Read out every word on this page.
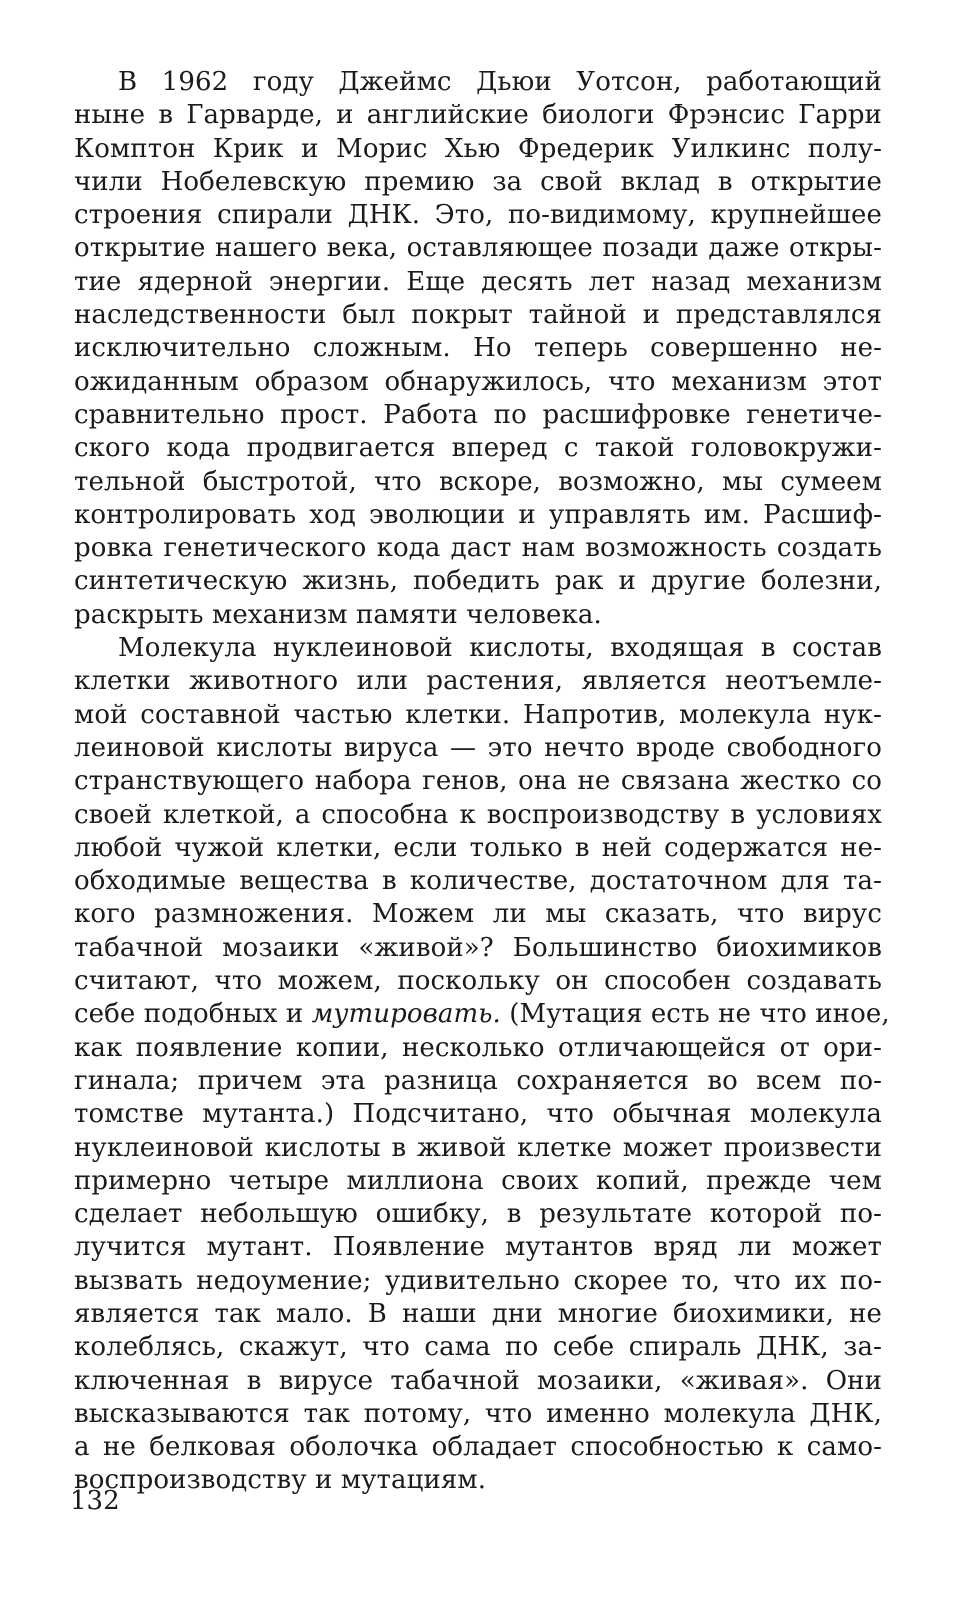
В 1962 году Джеймс Дьюи Уотсон, работающий
ныне в Гарварде, и английские биологи Фрэнсис Гарри
Комптон Крик и Морис Хью Фредерик Уилкинс полу-
чили Нобелевскую премию за свой вклад в открытие
строения спирали ДНК. Это, по-видимому, крупнейшее
открытие нашего века, оставляющее позади даже откры-
тие ядерной энергии. Еще десять лет назад механизм
наследственности был покрыт тайной и представлялся
исключительно сложным. Но теперь совершенно не-
ожиданным образом обнаружилось, что механизм этот
сравнительно прост. Работа по расшифровке генетиче-
ского кода продвигается вперед с такой головокружи-
тельной быстротой, что вскоре, возможно, мы сумеем
контролировать ход эволюции и управлять им. Расшиф-
ровка генетического кода даст нам возможность создать
синтетическую жизнь, победить рак и другие болезни,
раскрыть механизм памяти человека.
Молекула нуклеиновой кислоты, входящая в состав
клетки животного или растения, является неотъемле-
мой составной частью клетки. Напротив, молекула нук-
леиновой кислоты вируса — это нечто вроде свободного
странствующего набора генов, она не связана жестко со
своей клеткой, а способна к воспроизводству в условиях
любой чужой клетки, если только в ней содержатся не-
обходимые вещества в количестве, достаточном для та-
кого размножения. Можем ли мы сказать, что вирус
табачной мозаики «живой»? Большинство биохимиков
считают, что можем, поскольку он способен создавать
себе подобных и мутировать. (Мутация есть не что иное,
как появление копии, несколько отличающейся от ори-
гинала; причем эта разница сохраняется во всем по-
томстве мутанта.) Подсчитано, что обычная молекула
нуклеиновой кислоты в живой клетке может произвести
примерно четыре миллиона своих копий, прежде чем
сделает небольшую ошибку, в результате которой по-
лучится мутант. Появление мутантов вряд ли может
вызвать недоумение; удивительно скорее то, что их по-
является так мало. В наши дни многие биохимики, не
колеблясь, скажут, что сама по себе спираль ДНК, за-
ключенная в вирусе табачной мозаики, «живая». Они
высказываются так потому, что именно молекула ДНК,
а не белковая оболочка обладает способностью к само-
воспроизводству и мутациям.
132
